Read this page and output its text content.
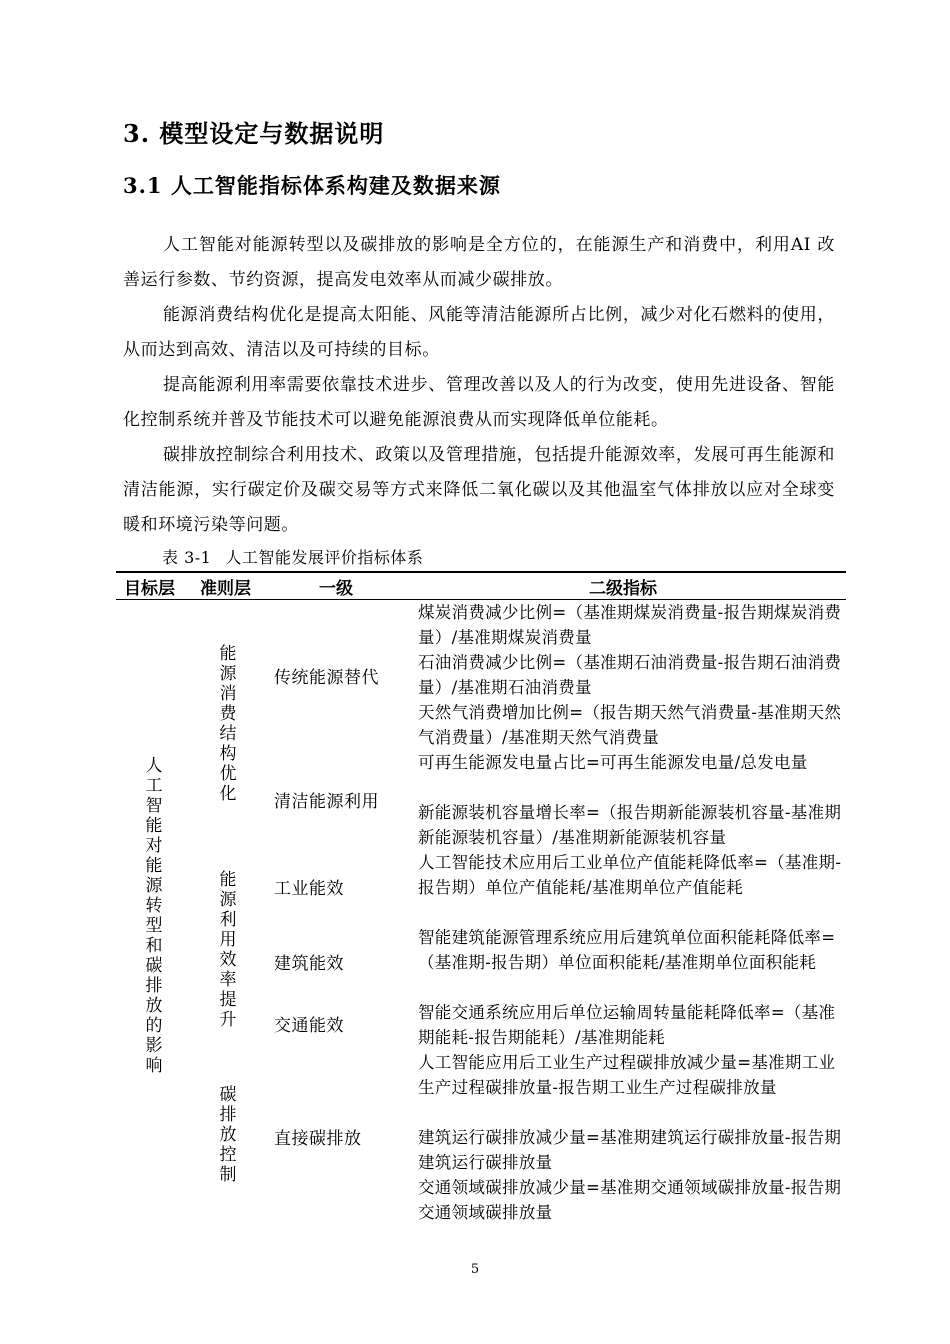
3. 模型设定与数据说明
3.1 人工智能指标体系构建及数据来源

人工智能对能源转型以及碳排放的影响是全方位的，在能源生产和消费中，利用AI 改善运行参数、节约资源，提高发电效率从而减少碳排放。

能源消费结构优化是提高太阳能、风能等清洁能源所占比例，减少对化石燃料的使用，从而达到高效、清洁以及可持续的目标。

提高能源利用率需要依靠技术进步、管理改善以及人的行为改变，使用先进设备、智能化控制系统并普及节能技术可以避免能源浪费从而实现降低单位能耗。

碳排放控制综合利用技术、政策以及管理措施，包括提升能源效率，发展可再生能源和清洁能源，实行碳定价及碳交易等方式来降低二氧化碳以及其他温室气体排放以应对全球变暖和环境污染等问题。

表 3-1 人工智能发展评价指标体系
目标层 准则层	一级	二级指标
人工智能对能源转型和碳排放的影响
能源消费结构优化
能源利用效率提升
碳排放控制
传统能源替代
清洁能源利用
工业能效
建筑能效
交通能效
直接碳排放
煤炭消费减少比例=（基准期煤炭消费量-报告期煤炭消费量）/基准期煤炭消费量
石油消费减少比例=（基准期石油消费量-报告期石油消费量）/基准期石油消费量
天然气消费增加比例=（报告期天然气消费量-基准期天然气消费量）/基准期天然气消费量
可再生能源发电量占比=可再生能源发电量/总发电量
新能源装机容量增长率=（报告期新能源装机容量-基准期新能源装机容量）/基准期新能源装机容量
人工智能技术应用后工业单位产值能耗降低率=（基准期-报告期）单位产值能耗/基准期单位产值能耗
智能建筑能源管理系统应用后建筑单位面积能耗降低率=（基准期-报告期）单位面积能耗/基准期单位面积能耗
智能交通系统应用后单位运输周转量能耗降低率=（基准期能耗-报告期能耗）/基准期能耗
人工智能应用后工业生产过程碳排放减少量=基准期工业生产过程碳排放量-报告期工业生产过程碳排放量
建筑运行碳排放减少量=基准期建筑运行碳排放量-报告期建筑运行碳排放量
交通领域碳排放减少量=基准期交通领域碳排放量-报告期交通领域碳排放量
5
